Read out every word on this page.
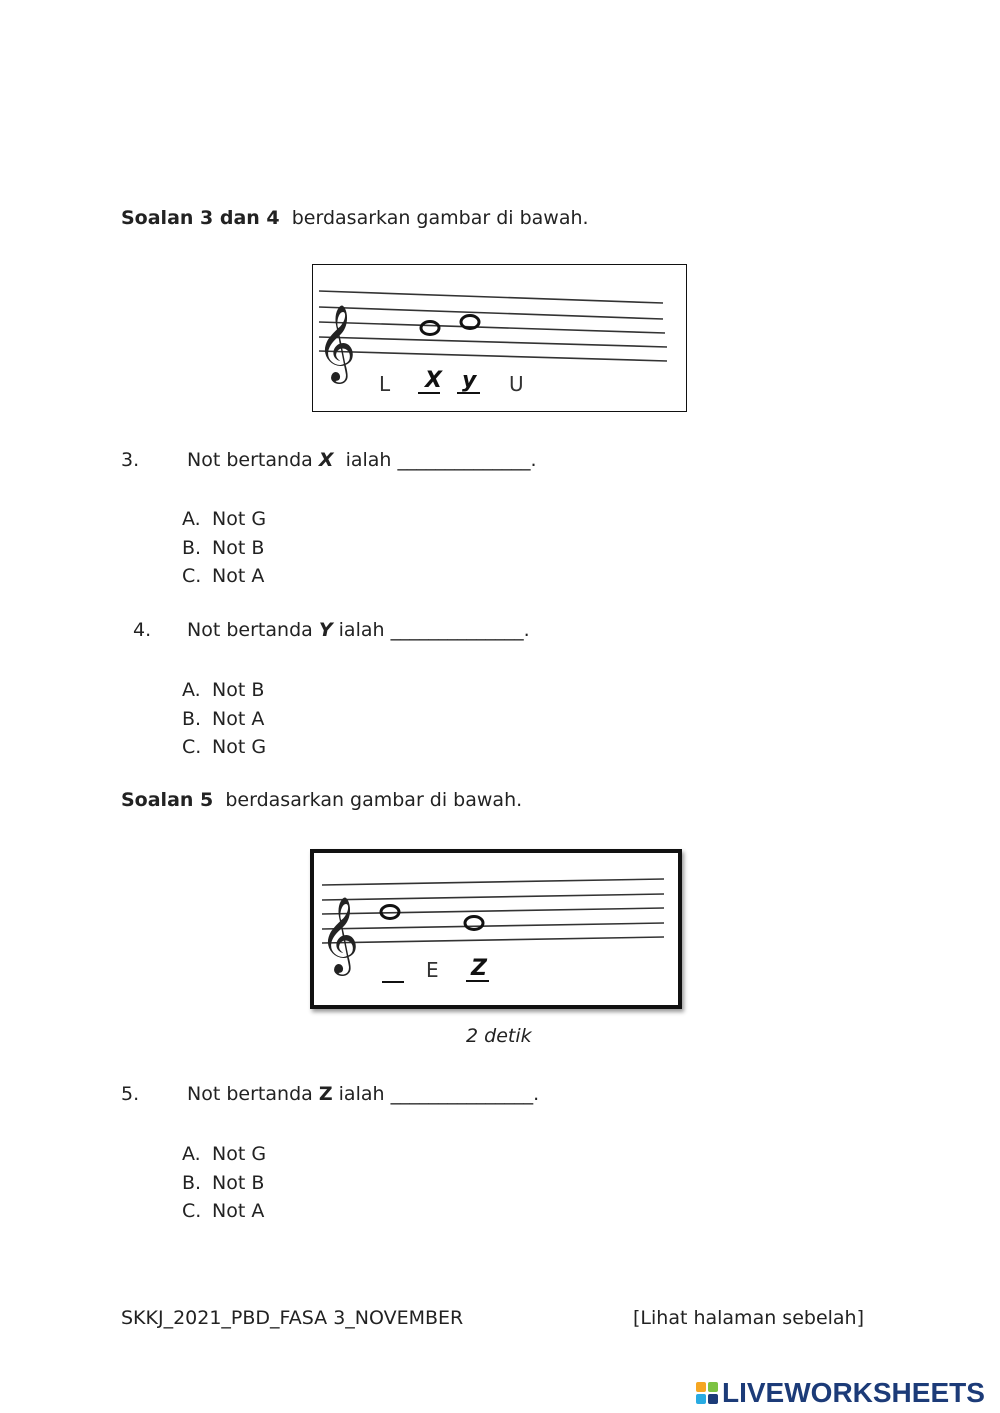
Soalan 3 dan 4 berdasarkan gambar di bawah.
𝄞
L X y U
3.	Not bertanda X ialah ______________.
A. Not G
B. Not B
C. Not A
4. Not bertanda Y ialah ______________.
A. Not B
B. Not A
C. Not G
Soalan 5 berdasarkan gambar di bawah.
𝄞	E Z
2 detik
5.	Not bertanda Z ialah _______________.
A. Not G
B. Not B
C. Not A
SKKJ_2021_PBD_FASA 3_NOVEMBER	[Lihat halaman sebelah]
LIVEWORKSHEETS
